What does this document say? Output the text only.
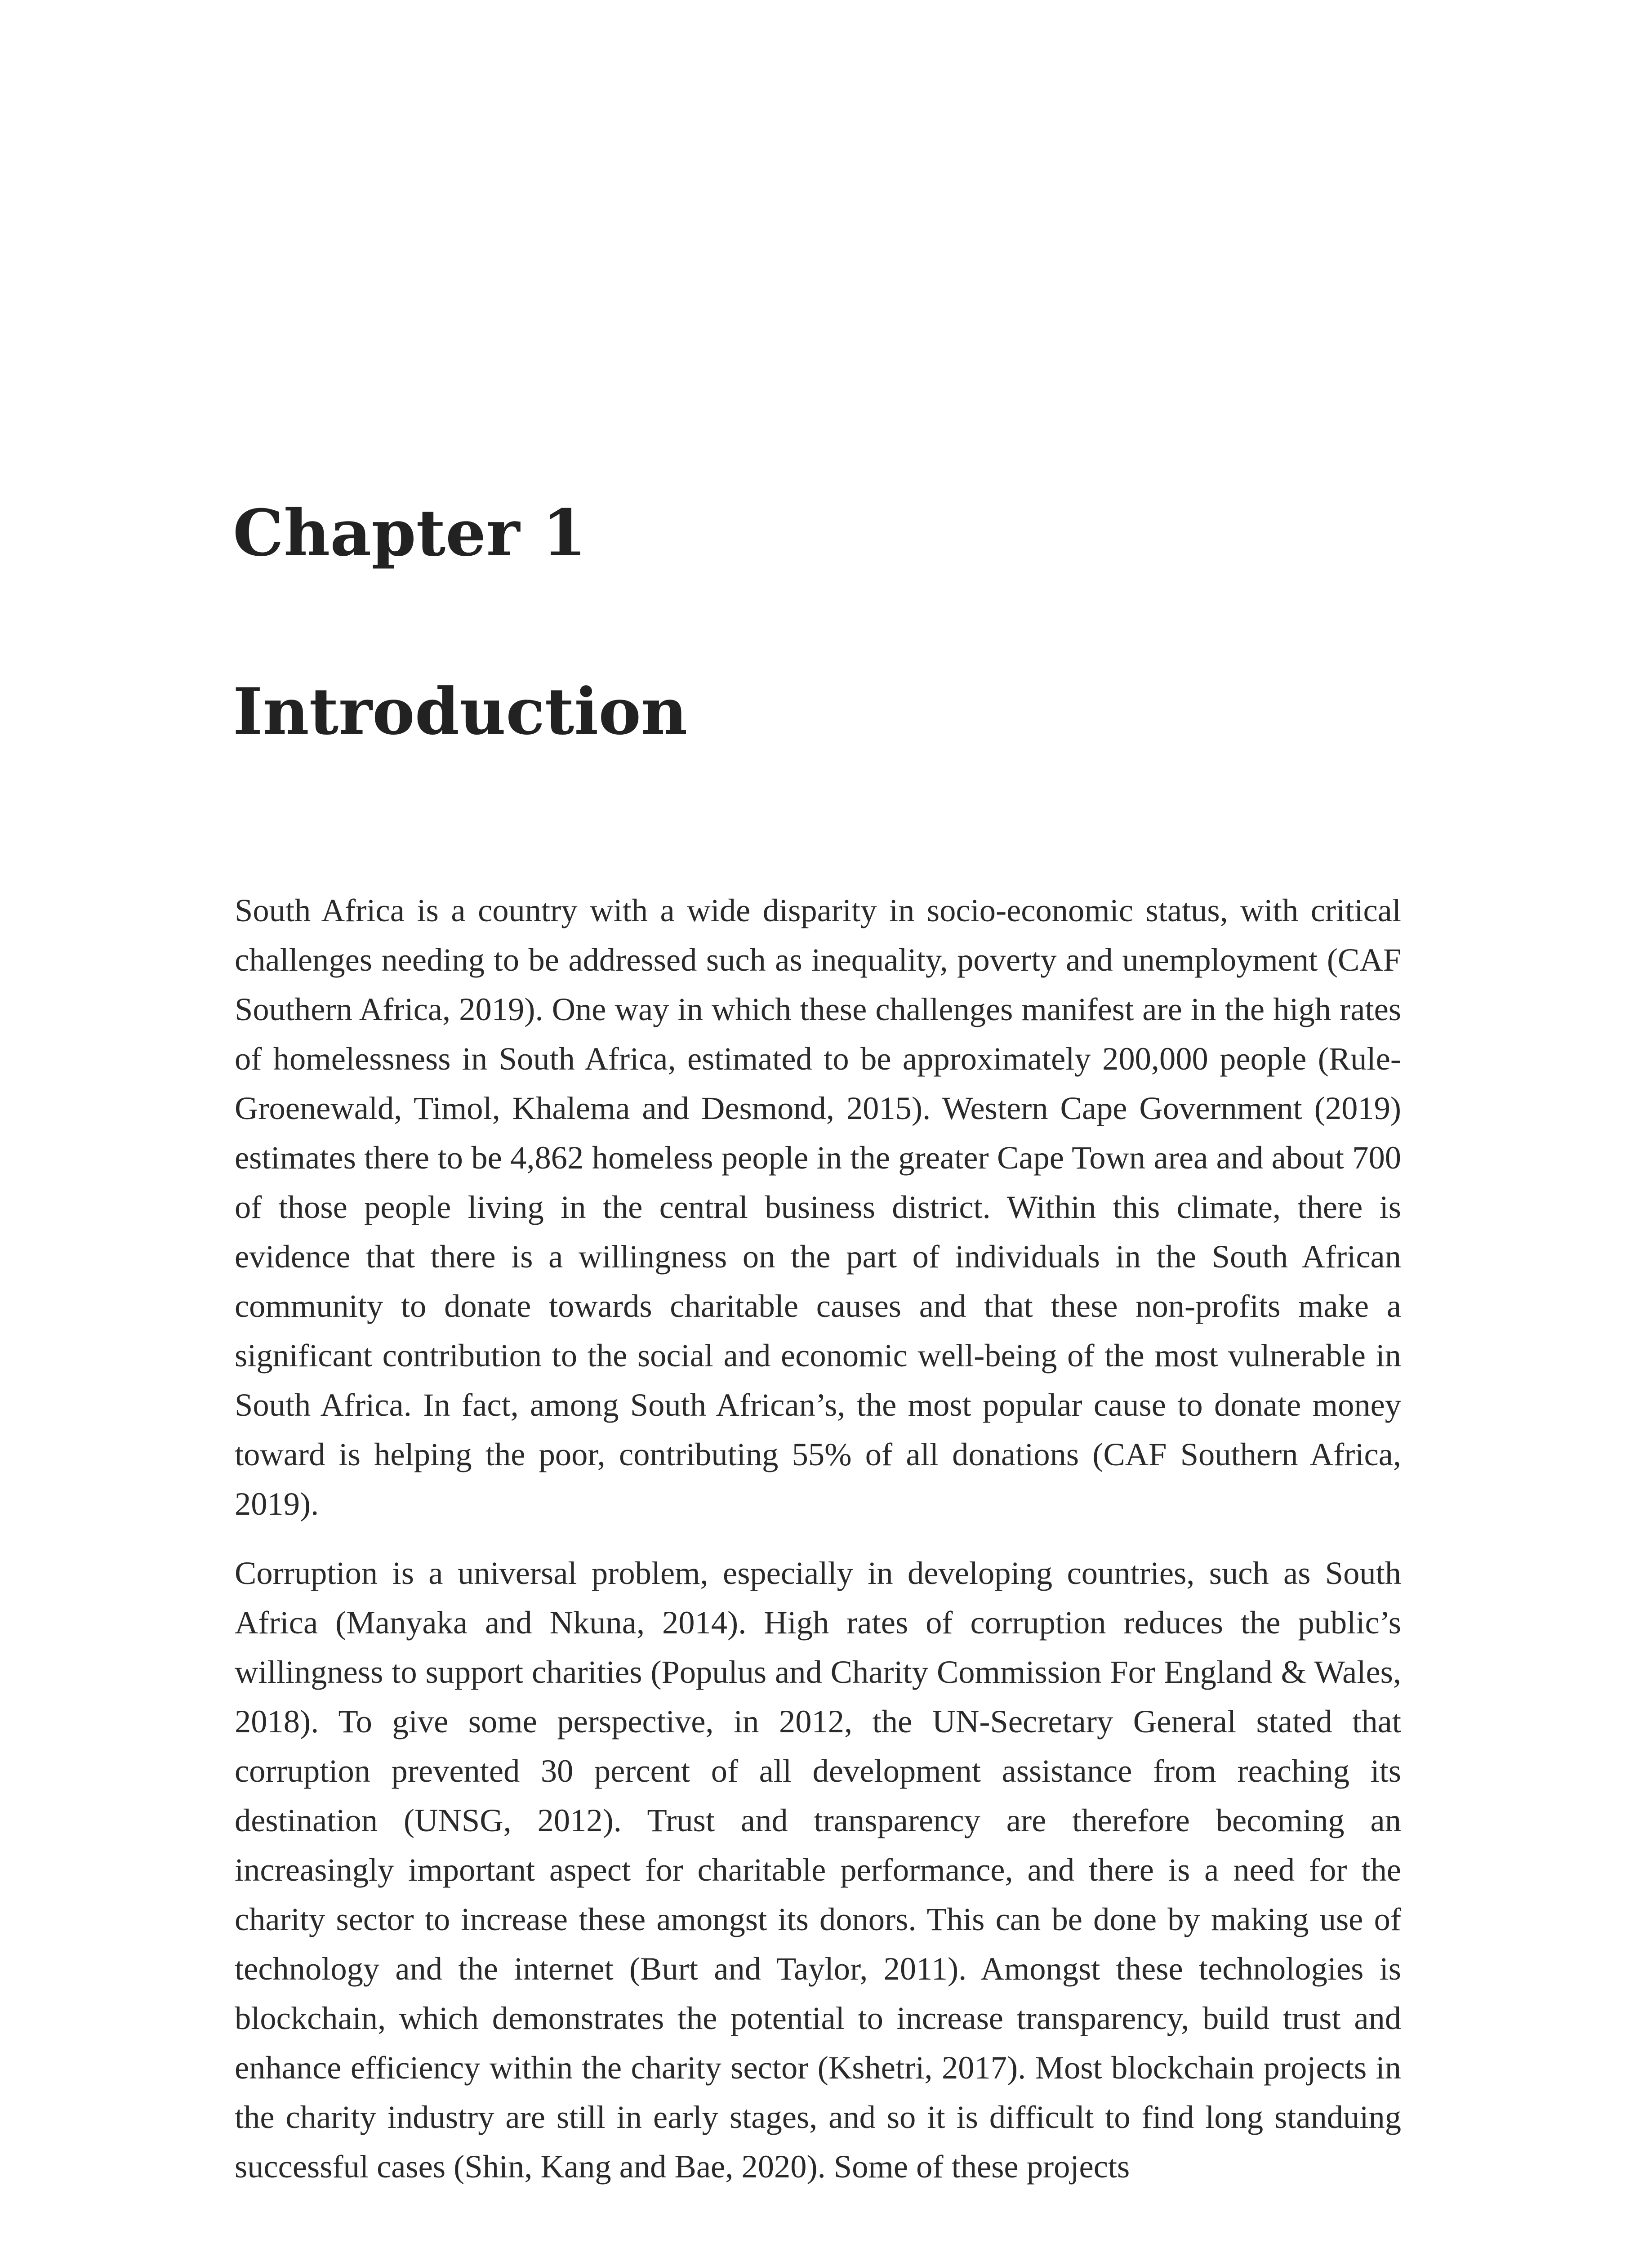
Chapter 1
Introduction

South Africa is a country with a wide disparity in socio-economic status, with critical challenges needing to be addressed such as inequality, poverty and unemployment (CAF Southern Africa, 2019). One way in which these challenges manifest are in the high rates of homelessness in South Africa, estimated to be approximately 200,000 people (Rule-Groenewald, Timol, Khalema and Desmond, 2015). Western Cape Government (2019) estimates there to be 4,862 homeless people in the greater Cape Town area and about 700 of those people living in the central business district. Within this climate, there is evidence that there is a willingness on the part of individuals in the South African community to donate towards charitable causes and that these non-profits make a significant contribution to the social and economic well-being of the most vulnerable in South Africa. In fact, among South African’s, the most popular cause to donate money toward is helping the poor, contributing 55% of all donations (CAF Southern Africa, 2019).

Corruption is a universal problem, especially in developing countries, such as South Africa (Manyaka and Nkuna, 2014). High rates of corruption reduces the public’s willingness to support charities (Populus and Charity Commission For England & Wales, 2018). To give some perspective, in 2012, the UN-Secretary General stated that corruption prevented 30 percent of all development assistance from reaching its destination (UNSG, 2012). Trust and transparency are therefore becoming an increasingly important aspect for charitable performance, and there is a need for the charity sector to increase these amongst its donors. This can be done by making use of technology and the internet (Burt and Taylor, 2011). Amongst these technologies is blockchain, which demonstrates the potential to increase transparency, build trust and enhance efficiency within the charity sector (Kshetri, 2017). Most blockchain projects in the charity industry are still in early stages, and so it is difficult to find long standuing successful cases (Shin, Kang and Bae, 2020). Some of these projects
